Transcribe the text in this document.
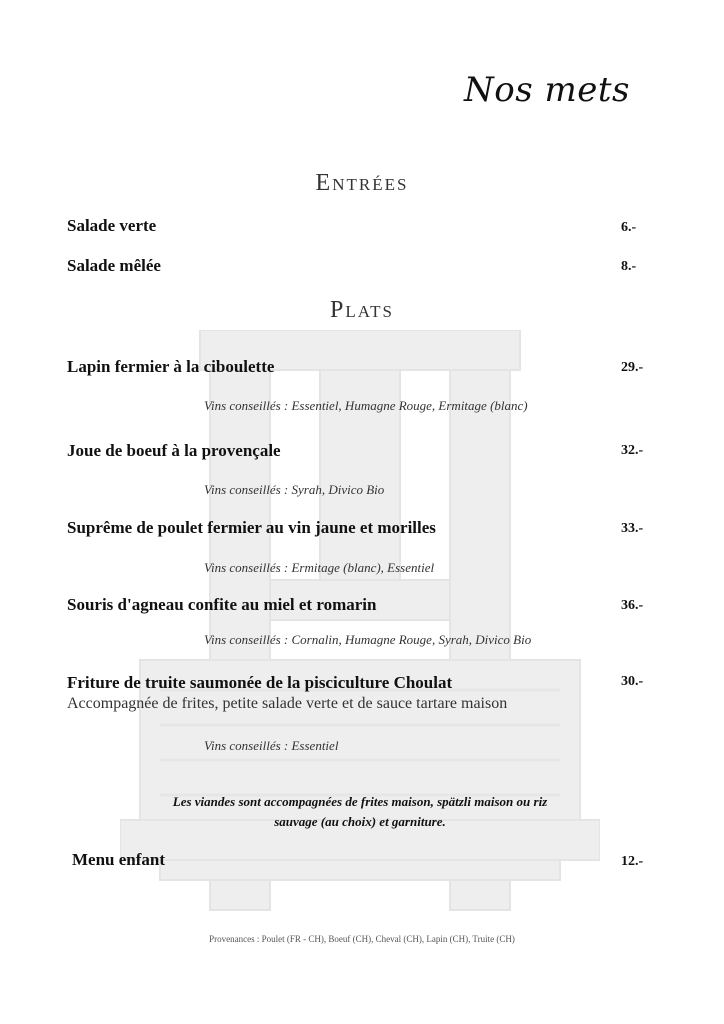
Nos mets
Entrées
Salade verte	6.-
Salade mêlée	8.-
Plats
Lapin fermier à la ciboulette	29.-
Vins conseillés : Essentiel, Humagne Rouge, Ermitage (blanc)
Joue de boeuf à la provençale	32.-
Vins conseillés : Syrah, Divico Bio
Suprême de poulet fermier au vin jaune et morilles	33.-
Vins conseillés : Ermitage (blanc), Essentiel
Souris d'agneau confite au miel et romarin	36.-
Vins conseillés : Cornalin, Humagne Rouge, Syrah, Divico Bio
Friture de truite saumonée de la pisciculture Choulat	30.-
Accompagnée de frites, petite salade verte et de sauce tartare maison
Vins conseillés : Essentiel
Les viandes sont accompagnées de frites maison, spätzli maison ou riz
sauvage (au choix) et garniture.
Menu enfant	12.-
Provenances : Poulet (FR - CH), Boeuf (CH), Cheval (CH), Lapin (CH), Truite (CH)
